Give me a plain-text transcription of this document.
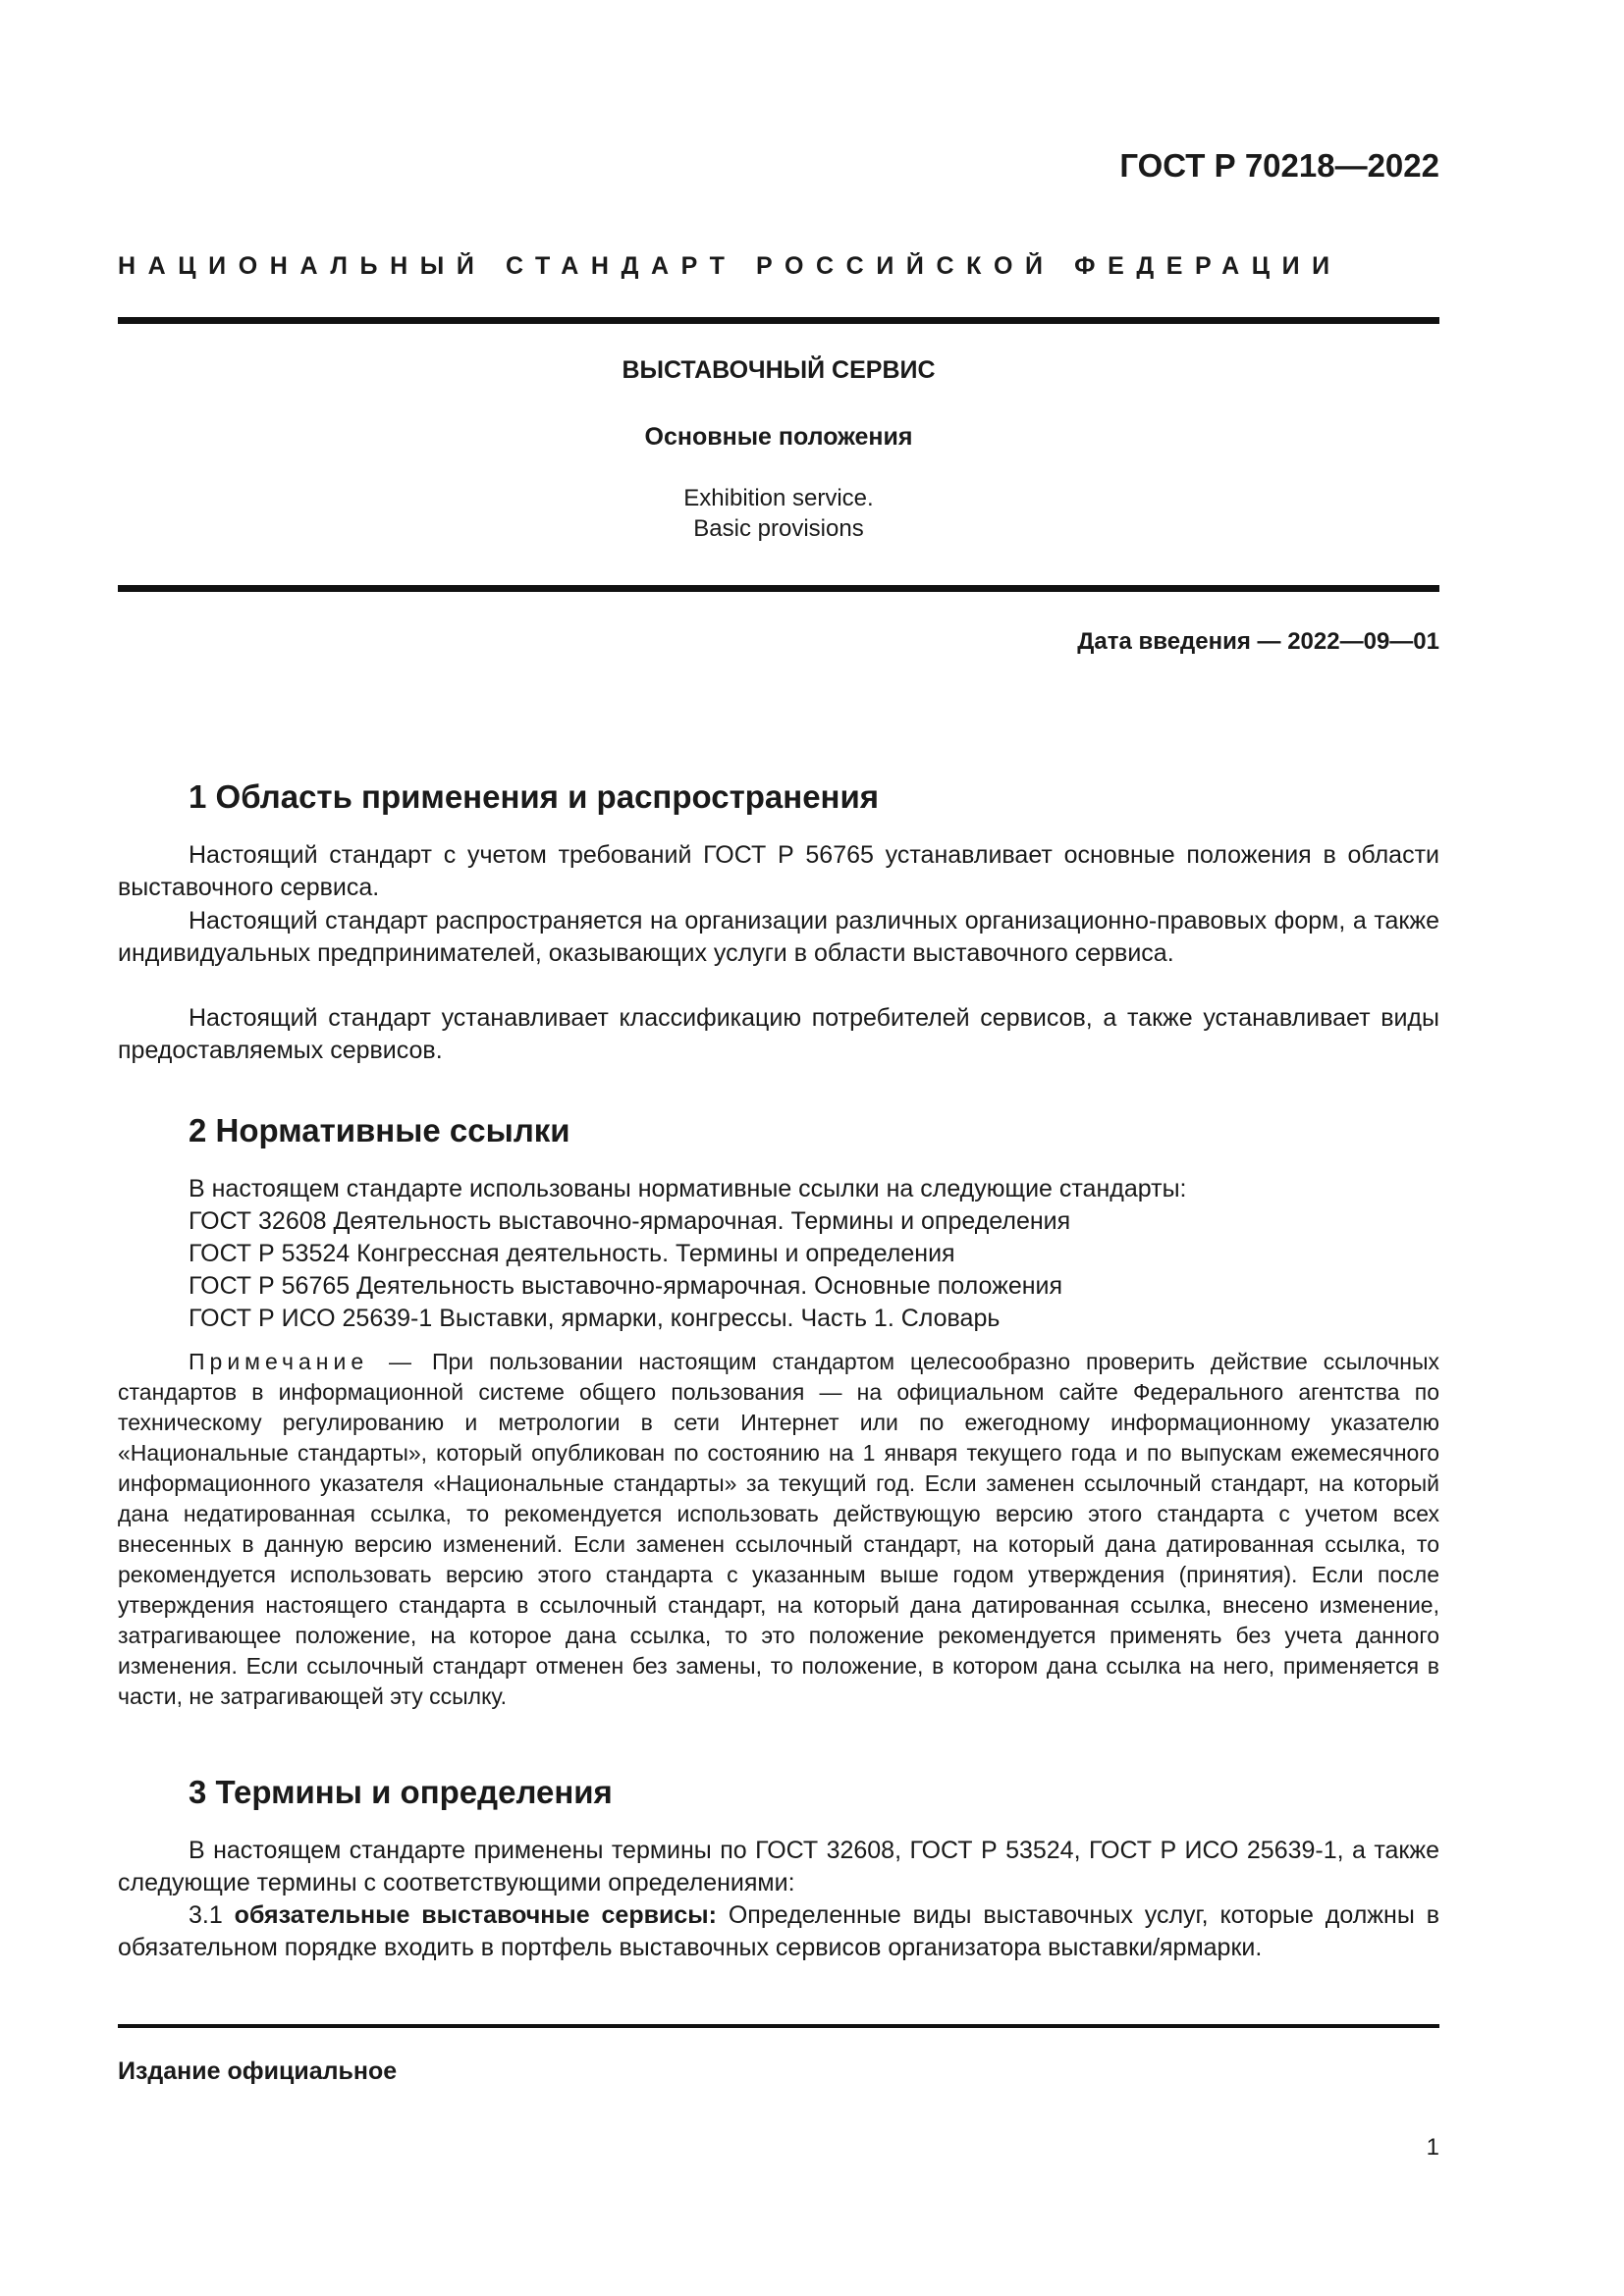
ГОСТ Р 70218—2022
НАЦИОНАЛЬНЫЙ СТАНДАРТ РОССИЙСКОЙ ФЕДЕРАЦИИ
ВЫСТАВОЧНЫЙ СЕРВИС
Основные положения
Exhibition service.
Basic provisions
Дата введения — 2022—09—01
1 Область применения и распространения
Настоящий стандарт с учетом требований ГОСТ Р 56765 устанавливает основные положения в области выставочного сервиса.
Настоящий стандарт распространяется на организации различных организационно-правовых форм, а также индивидуальных предпринимателей, оказывающих услуги в области выставочного сервиса.
Настоящий стандарт устанавливает классификацию потребителей сервисов, а также устанавливает виды предоставляемых сервисов.
2 Нормативные ссылки
В настоящем стандарте использованы нормативные ссылки на следующие стандарты:
ГОСТ 32608 Деятельность выставочно-ярмарочная. Термины и определения
ГОСТ Р 53524 Конгрессная деятельность. Термины и определения
ГОСТ Р 56765 Деятельность выставочно-ярмарочная. Основные положения
ГОСТ Р ИСО 25639-1 Выставки, ярмарки, конгрессы. Часть 1. Словарь
Примечание — При пользовании настоящим стандартом целесообразно проверить действие ссылочных стандартов в информационной системе общего пользования — на официальном сайте Федерального агентства по техническому регулированию и метрологии в сети Интернет или по ежегодному информационному указателю «Национальные стандарты», который опубликован по состоянию на 1 января текущего года и по выпускам ежемесячного информационного указателя «Национальные стандарты» за текущий год. Если заменен ссылочный стандарт, на который дана недатированная ссылка, то рекомендуется использовать действующую версию этого стандарта с учетом всех внесенных в данную версию изменений. Если заменен ссылочный стандарт, на который дана датированная ссылка, то рекомендуется использовать версию этого стандарта с указанным выше годом утверждения (принятия). Если после утверждения настоящего стандарта в ссылочный стандарт, на который дана датированная ссылка, внесено изменение, затрагивающее положение, на которое дана ссылка, то это положение рекомендуется применять без учета данного изменения. Если ссылочный стандарт отменен без замены, то положение, в котором дана ссылка на него, применяется в части, не затрагивающей эту ссылку.
3 Термины и определения
В настоящем стандарте применены термины по ГОСТ 32608, ГОСТ Р 53524, ГОСТ Р ИСО 25639-1, а также следующие термины с соответствующими определениями:
3.1 обязательные выставочные сервисы: Определенные виды выставочных услуг, которые должны в обязательном порядке входить в портфель выставочных сервисов организатора выставки/ярмарки.
Издание официальное
1
